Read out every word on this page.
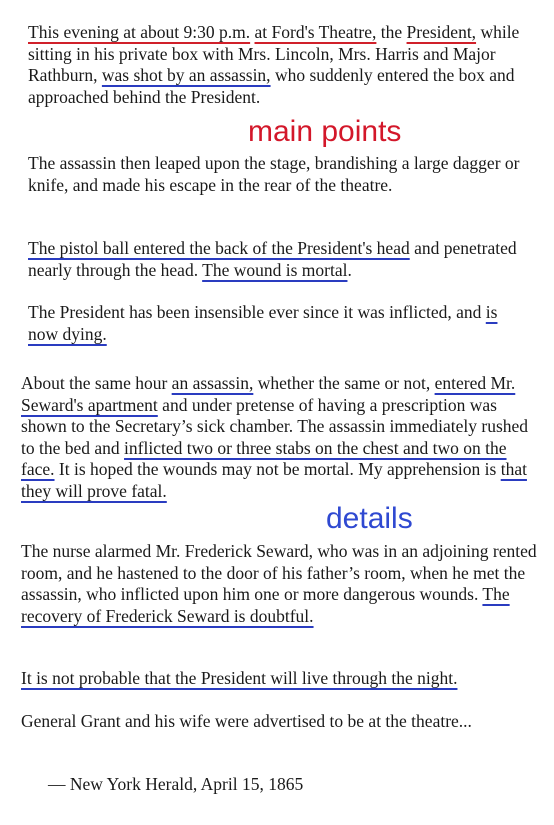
This evening at about 9:30 p.m. at Ford's Theatre, the President, while sitting in his private box with Mrs. Lincoln, Mrs. Harris and Major Rathburn, was shot by an assassin, who suddenly entered the box and approached behind the President.

main points

The assassin then leaped upon the stage, brandishing a large dagger or knife, and made his escape in the rear of the theatre.

The pistol ball entered the back of the President's head and penetrated nearly through the head. The wound is mortal.

The President has been insensible ever since it was inflicted, and is now dying.

About the same hour an assassin, whether the same or not, entered Mr. Seward's apartment and under pretense of having a prescription was shown to the Secretary’s sick chamber. The assassin immediately rushed to the bed and inflicted two or three stabs on the chest and two on the face. It is hoped the wounds may not be mortal. My apprehension is that they will prove fatal.

details

The nurse alarmed Mr. Frederick Seward, who was in an adjoining rented room, and he hastened to the door of his father’s room, when he met the assassin, who inflicted upon him one or more dangerous wounds. The recovery of Frederick Seward is doubtful.

It is not probable that the President will live through the night.

General Grant and his wife were advertised to be at the theatre...

— New York Herald, April 15, 1865
